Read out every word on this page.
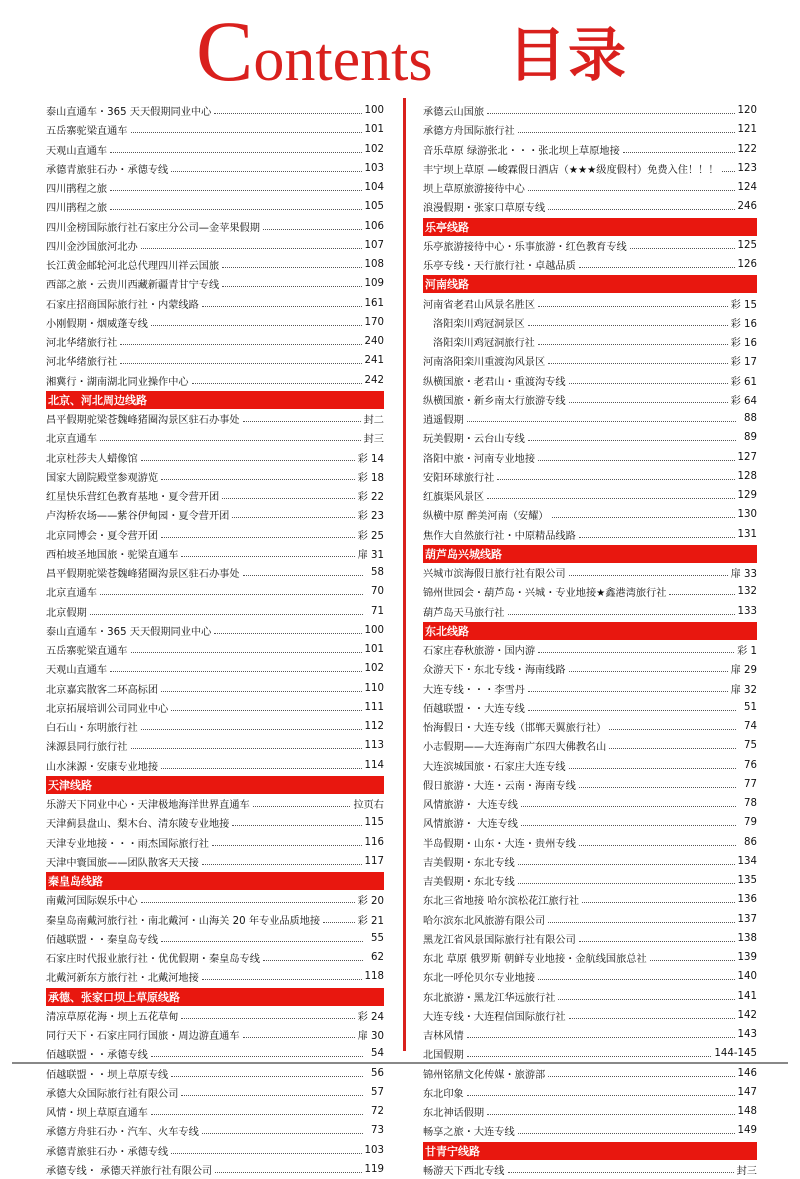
Contents 目录
泰山直通车・365 天天假期同业中心	100
五岳寨驼梁直通车	101
天观山直通车	102
承德青旅驻石办・承德专线	103
四川鹃程之旅	104
四川鹃程之旅	105
四川金榜国际旅行社石家庄分公司—金苹果假期	106
四川金沙国旅河北办	107
长江黄金邮轮河北总代理四川祥云国旅	108
西部之旅・云贵川西藏新疆青甘宁专线	109
石家庄招商国际旅行社・内蒙线路	161
小刚假期・烟威蓬专线	170
河北华绪旅行社	240
河北华绪旅行社	241
湘冀行・湖南湖北同业操作中心	242
北京、河北周边线路
昌平假期驼梁苍魏峰猪圈沟景区驻石办事处	封二
北京直通车	封三
北京杜莎夫人蜡像馆	彩 14
国家大剧院殿堂参观游览	彩 18
红星快乐营红色教育基地・夏令营开团	彩 22
卢沟桥农场——紫谷伊甸园・夏令营开团	彩 23
北京同博会・夏令营开团	彩 25
西柏坡圣地国旅・驼梁直通车	扉 31
昌平假期驼梁苍魏峰猪圈沟景区驻石办事处	58
北京直通车	70
北京假期	71
泰山直通车・365 天天假期同业中心	100
五岳寨驼梁直通车	101
天观山直通车	102
北京嘉宾散客二环高标团	110
北京拓展培训公司同业中心	111
白石山・东明旅行社	112
涞源县同行旅行社	113
山水涞源・安康专业地接	114
天津线路
乐游天下同业中心・天津极地海洋世界直通车	拉页右
天津蓟县盘山、梨木台、清东陵专业地接	115
天津专业地接・・・雨杰国际旅行社	116
天津中寰国旅——团队散客天天接	117
秦皇岛线路
南戴河国际娱乐中心	彩 20
秦皇岛南戴河旅行社・南北戴河・山海关 20 年专业品质地接	彩 21
佰越联盟・・秦皇岛专线	55
石家庄时代报业旅行社・优优假期・秦皇岛专线	62
北戴河新东方旅行社・北戴河地接	118
承德、张家口坝上草原线路
清凉草原花海・坝上五花草甸	彩 24
同行天下・石家庄同行国旅・周边游直通车	扉 30
佰越联盟・・承德专线	54
佰越联盟・・坝上草原专线	56
承德大众国际旅行社有限公司	57
风情・坝上草原直通车	72
承德方舟驻石办・汽车、火车专线	73
承德青旅驻石办・承德专线	103
承德专线・ 承德天祥旅行社有限公司	119
承德云山国旅	120
承德方舟国际旅行社	121
音乐草原 绿游张北・・・张北坝上草原地接	122
丰宁坝上草原 —峻霖假日酒店（★★★级度假村）免费入住！！！ 123
坝上草原旅游接待中心	124
浪漫假期・张家口草原专线	246
乐亭线路
乐亭旅游接待中心・乐事旅游・红色教育专线	125
乐亭专线・天行旅行社・卓越品质	126
河南线路
河南省老君山风景名胜区	彩 15
洛阳栾川鸡冠洞景区	彩 16
洛阳栾川鸡冠洞旅行社	彩 16
河南洛阳栾川重渡沟风景区	彩 17
纵横国旅・老君山・重渡沟专线	彩 61
纵横国旅・新乡南太行旅游专线	彩 64
逍遥假期	88
玩美假期・云台山专线	89
洛阳中旅・河南专业地接	127
安阳环球旅行社	128
红旗渠风景区	129
纵横中原 醉美河南（安耀）	130
焦作大自然旅行社・中原精品线路	131
葫芦岛兴城线路
兴城市滨海假日旅行社有限公司	扉 33
锦州世园会・葫芦岛・兴城・专业地接★鑫港湾旅行社	132
葫芦岛天马旅行社	133
东北线路
石家庄春秋旅游・国内游	彩 1
众游天下・东北专线・海南线路	扉 29
大连专线・・・李雪丹	扉 32
佰越联盟・・大连专线	51
怡海假日・大连专线（邯郸天翼旅行社）	74
小志假期——大连海南广东四大佛教名山	75
大连滨城国旅・石家庄大连专线	76
假日旅游・大连・云南・海南专线	77
风情旅游・ 大连专线	78
风情旅游・ 大连专线	79
半岛假期・山东・大连・贵州专线	86
吉美假期・东北专线	134
吉美假期・东北专线	135
东北三省地接 哈尔滨松花江旅行社	136
哈尔滨东北风旅游有限公司	137
黑龙江省风景国际旅行社有限公司	138
东北 草原 俄罗斯 朝鲜专业地接・金航线国旅总社	139
东北一呼伦贝尔专业地接	140
东北旅游・黑龙江华远旅行社	141
大连专线・大连程信国际旅行社	142
吉林风情	143
北国假期	144-145
锦州铭鼎文化传媒・旅游部	146
东北印象	147
东北神话假期	148
畅享之旅・大连专线	149
甘青宁线路
畅游天下西北专线	封三
